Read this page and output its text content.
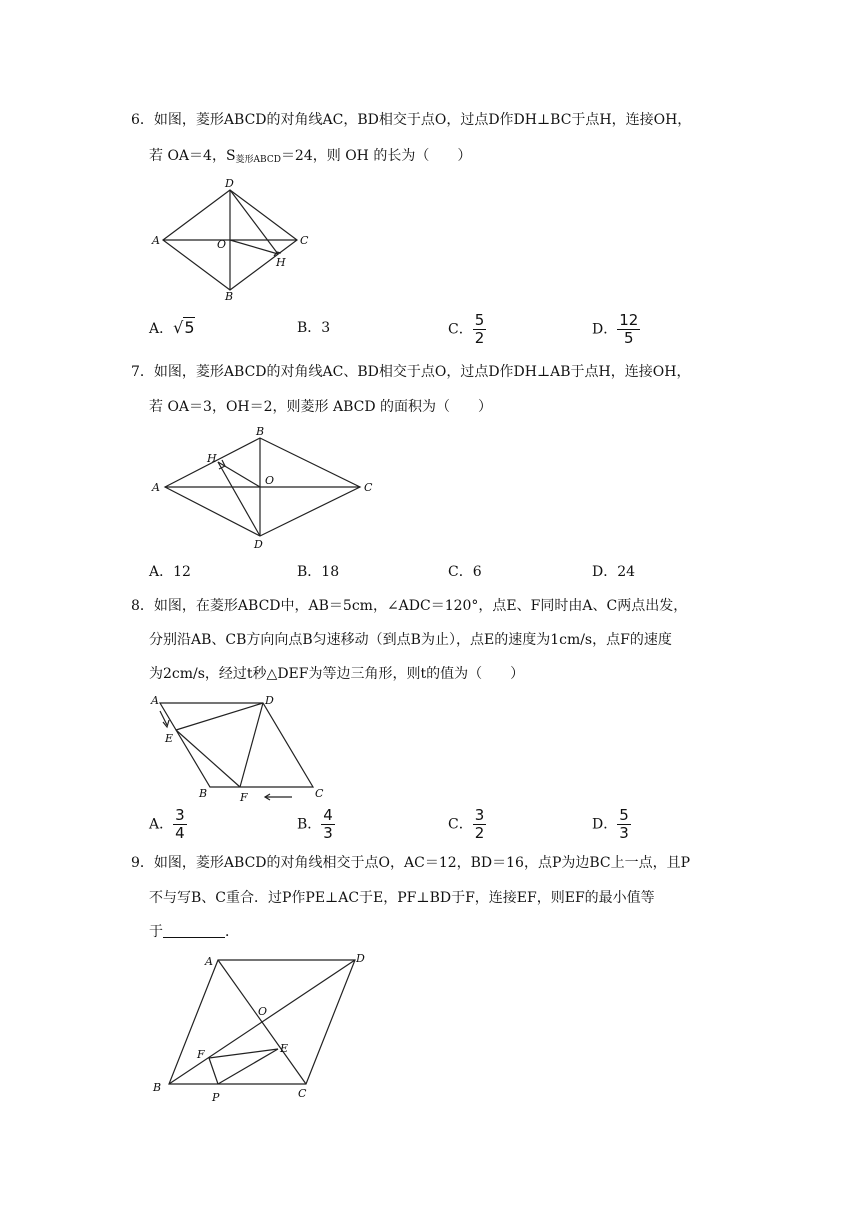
6．如图，菱形ABCD的对角线AC，BD相交于点O，过点D作DH⊥BC于点H，连接OH，
若 OA＝4，$S_{菱形ABCD}=24$，则 OH 的长为（　　）
A
D
C
B
O
H
A
B
C
D
O
H
A	D
E
B	F	C
A	D
O
E
F
B
P	C
A．√5	B．3	C． $\frac{5}{2}$	D． $\frac{12}{5}$
7．如图，菱形ABCD的对角线AC、BD相交于点O，过点D作DH⊥AB于点H，连接OH，
若 OA＝3，OH＝2，则菱形 ABCD 的面积为（　　）
A．12	B．18	C．6	D．24
8．如图，在菱形ABCD中，AB＝5cm，∠ADC＝120°，点E、F同时由A、C两点出发，
分别沿AB、CB方向向点B匀速移动（到点B为止），点E的速度为1cm/s，点F的速度
为2cm/s，经过t秒△DEF为等边三角形，则t的值为（　　）
A． $\frac{3}{4}$	B． $\frac{4}{3}$	C． $\frac{3}{2}$	D． $\frac{5}{3}$
9．如图，菱形ABCD的对角线相交于点O，AC＝12，BD＝16，点P为边BC上一点，且P
不与写B、C重合．过P作PE⊥AC于E，PF⊥BD于F，连接EF，则EF的最小值等
于	．
